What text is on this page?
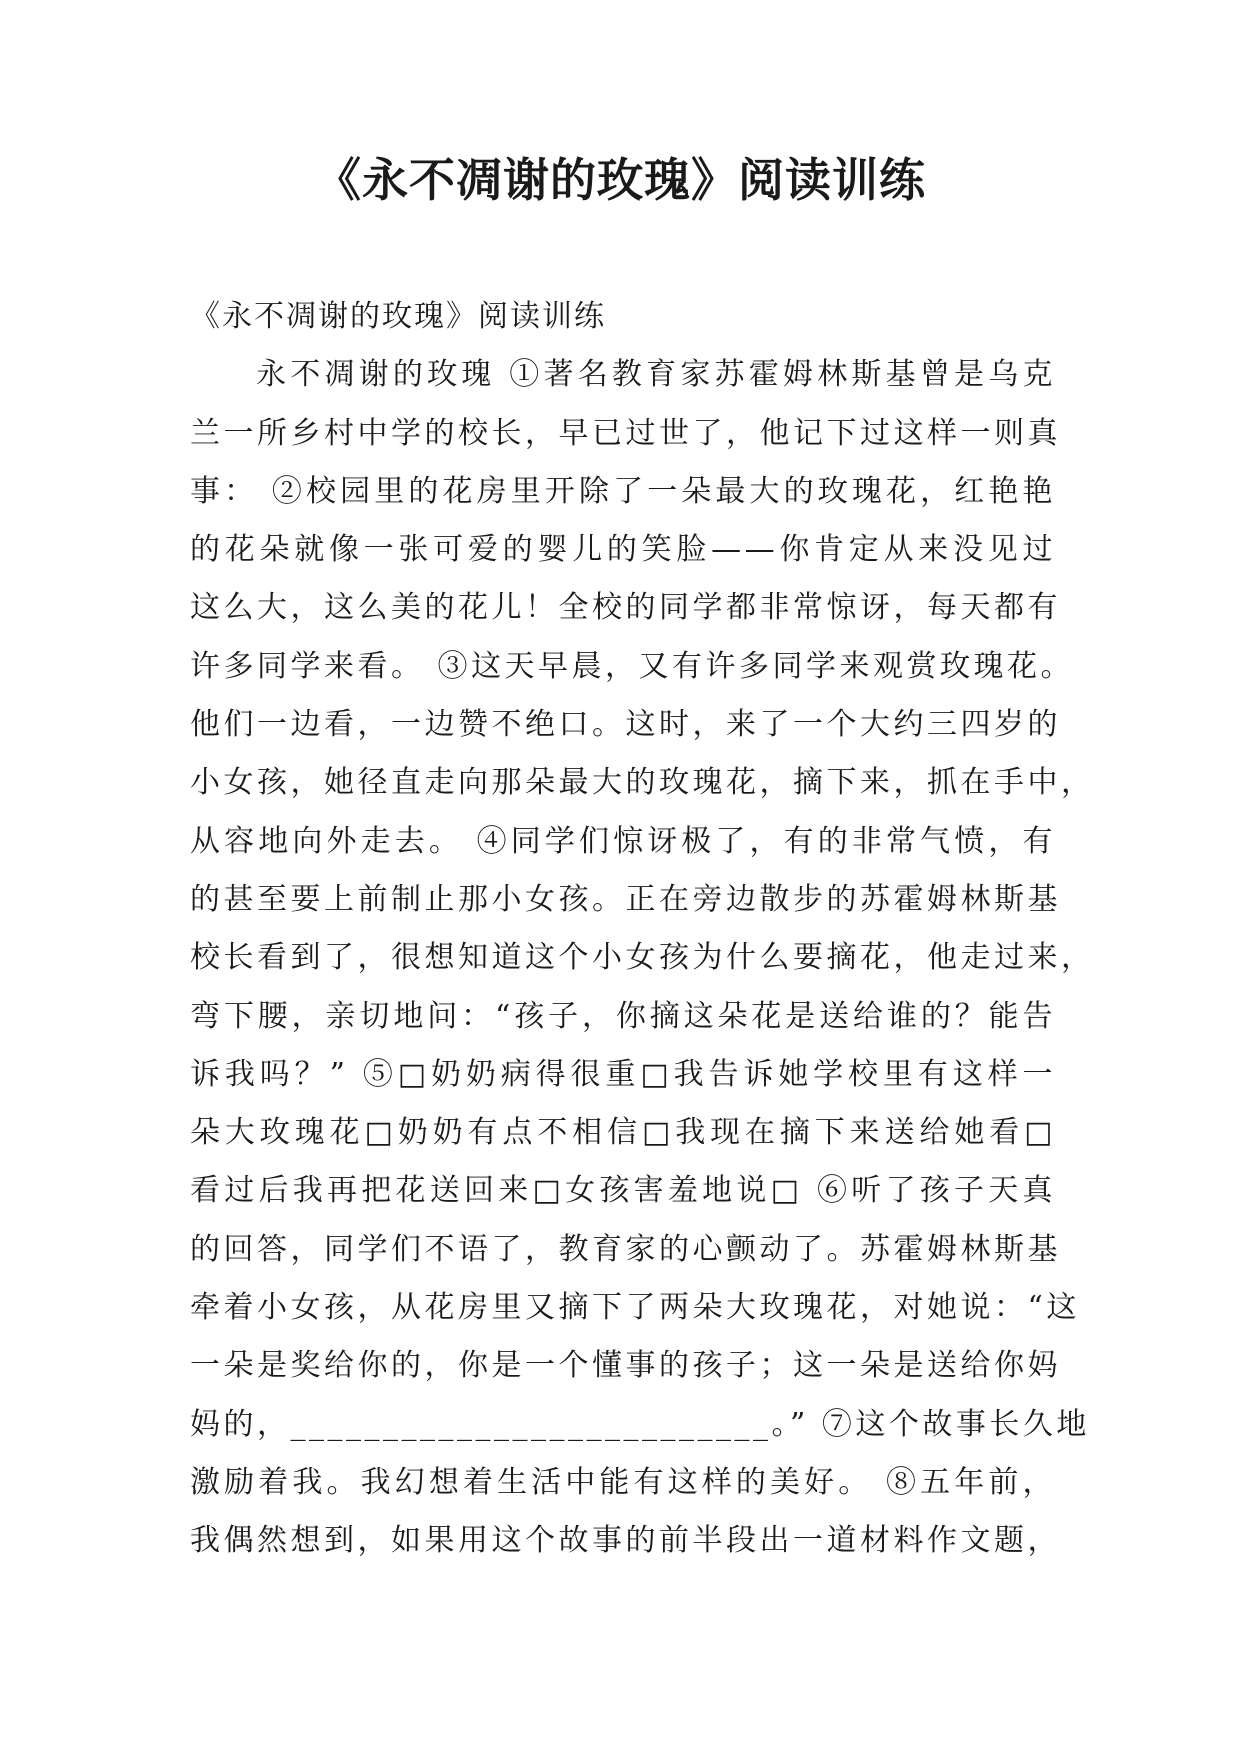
《永不凋谢的玫瑰》阅读训练
《永不凋谢的玫瑰》阅读训练
永不凋谢的玫瑰 ①著名教育家苏霍姆林斯基曾是乌克
兰一所乡村中学的校长，早已过世了，他记下过这样一则真
事： ②校园里的花房里开除了一朵最大的玫瑰花，红艳艳
的花朵就像一张可爱的婴儿的笑脸——你肯定从来没见过
这么大，这么美的花儿！全校的同学都非常惊讶，每天都有
许多同学来看。 ③这天早晨，又有许多同学来观赏玫瑰花。
他们一边看，一边赞不绝口。这时，来了一个大约三四岁的
小女孩，她径直走向那朵最大的玫瑰花，摘下来，抓在手中，
从容地向外走去。 ④同学们惊讶极了，有的非常气愤，有
的甚至要上前制止那小女孩。正在旁边散步的苏霍姆林斯基
校长看到了，很想知道这个小女孩为什么要摘花，他走过来，
弯下腰，亲切地问：“孩子，你摘这朵花是送给谁的？能告
诉我吗？” ⑤□奶奶病得很重□我告诉她学校里有这样一
朵大玫瑰花□奶奶有点不相信□我现在摘下来送给她看□
看过后我再把花送回来□女孩害羞地说□ ⑥听了孩子天真
的回答，同学们不语了，教育家的心颤动了。苏霍姆林斯基
牵着小女孩，从花房里又摘下了两朵大玫瑰花，对她说：“这
一朵是奖给你的，你是一个懂事的孩子；这一朵是送给你妈
妈的，__________________________。” ⑦这个故事长久地
激励着我。我幻想着生活中能有这样的美好。 ⑧五年前，
我偶然想到，如果用这个故事的前半段出一道材料作文题，
